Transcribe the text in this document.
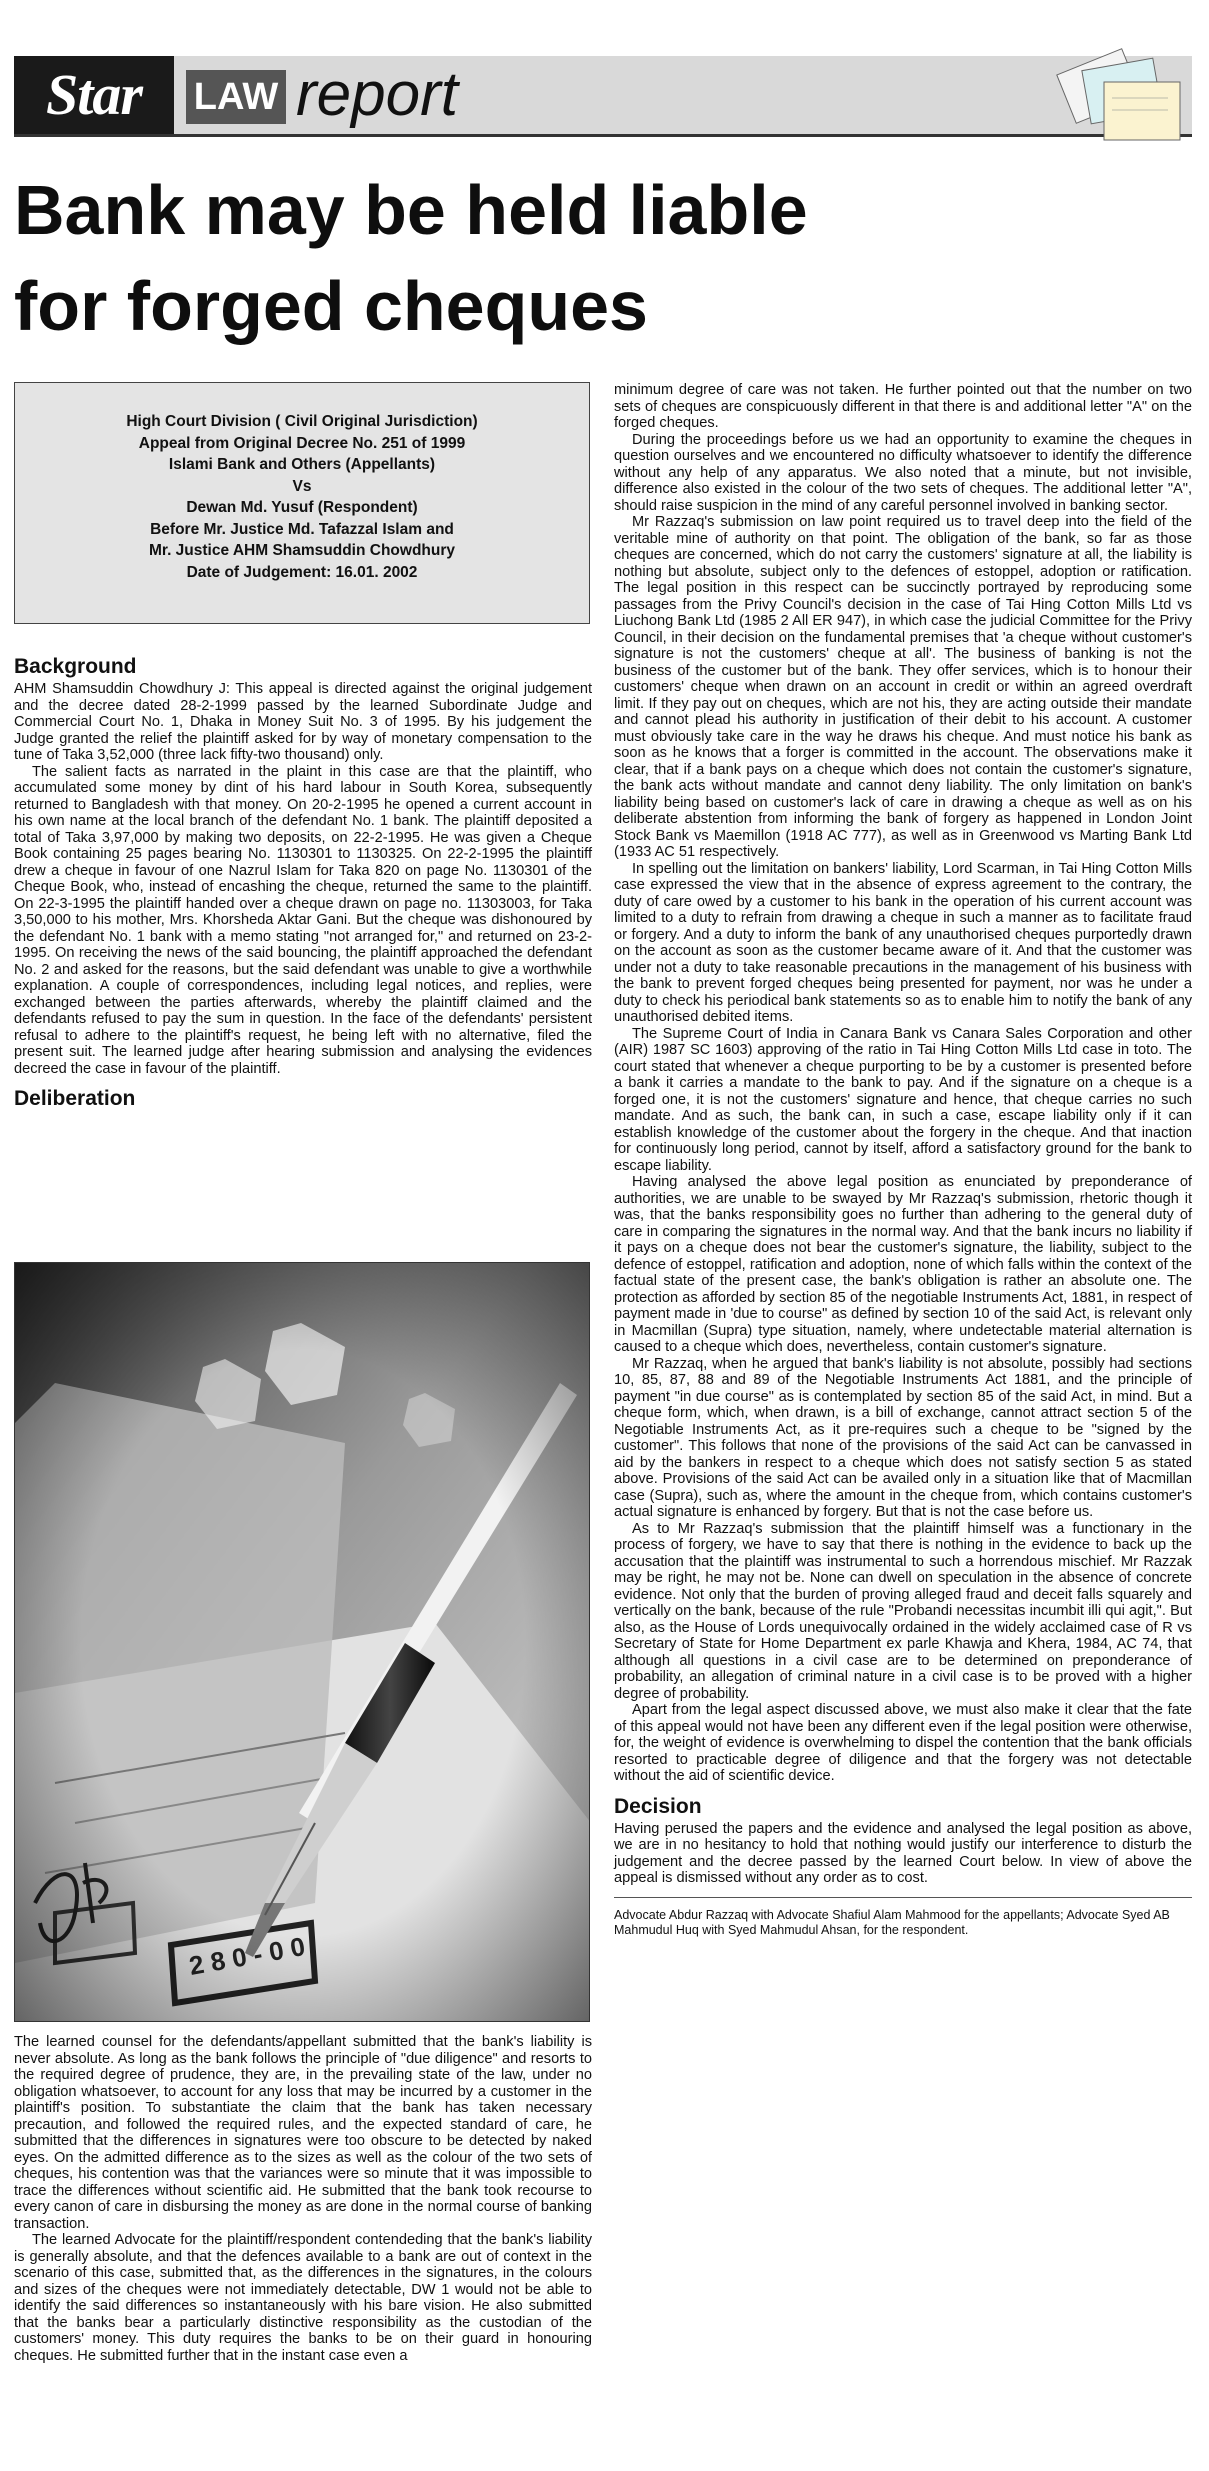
Star	LAW report
Bank may be held liable
for forged cheques
High Court Division ( Civil Original Jurisdiction)
Appeal from Original Decree No. 251 of 1999
Islami Bank and Others (Appellants)
Vs
Dewan Md. Yusuf (Respondent)
Before Mr. Justice Md. Tafazzal Islam and
Mr. Justice AHM Shamsuddin Chowdhury
Date of Judgement: 16.01. 2002
Background

AHM Shamsuddin Chowdhury J: This appeal is directed against the original judgement and the decree dated 28-2-1999 passed by the learned Subordinate Judge and Commercial Court No. 1, Dhaka in Money Suit No. 3 of 1995. By his judgement the Judge granted the relief the plaintiff asked for by way of monetary compensation to the tune of Taka 3,52,000 (three lack fifty-two thousand) only.

The salient facts as narrated in the plaint in this case are that the plaintiff, who accumulated some money by dint of his hard labour in South Korea, subsequently returned to Bangladesh with that money. On 20-2-1995 he opened a current account in his own name at the local branch of the defendant No. 1 bank. The plaintiff deposited a total of Taka 3,97,000 by making two deposits, on 22-2-1995. He was given a Cheque Book containing 25 pages bearing No. 1130301 to 1130325. On 22-2-1995 the plaintiff drew a cheque in favour of one Nazrul Islam for Taka 820 on page No. 1130301 of the Cheque Book, who, instead of encashing the cheque, returned the same to the plaintiff. On 22-3-1995 the plaintiff handed over a cheque drawn on page no. 11303003, for Taka 3,50,000 to his mother, Mrs. Khorsheda Aktar Gani. But the cheque was dishonoured by the defendant No. 1 bank with a memo stating "not arranged for," and returned on 23-2-1995. On receiving the news of the said bouncing, the plaintiff approached the defendant No. 2 and asked for the reasons, but the said defendant was unable to give a worthwhile explanation. A couple of correspondences, including legal notices, and replies, were exchanged between the parties afterwards, whereby the plaintiff claimed and the defendants refused to pay the sum in question. In the face of the defendants' persistent refusal to adhere to the plaintiff's request, he being left with no alternative, filed the present suit. The learned judge after hearing submission and analysing the evidences decreed the case in favour of the plaintiff.

Deliberation

The learned counsel for the defendants/appellant submitted that the bank's liability is never absolute. As long as the bank follows the principle of "due diligence" and resorts to the required degree of prudence, they are, in the prevailing state of the law, under no obligation whatsoever, to account for any loss that may be incurred by a customer in the plaintiff's position. To substantiate the claim that the bank has taken necessary precaution, and followed the required rules, and the expected standard of care, he submitted that the differences in signatures were too obscure to be detected by naked eyes. On the admitted difference as to the sizes as well as the colour of the two sets of cheques, his contention was that the variances were so minute that it was impossible to trace the differences without scientific aid. He submitted that the bank took recourse to every canon of care in disbursing the money as are done in the normal course of banking transaction.

The learned Advocate for the plaintiff/respondent contendeding that the bank's liability is generally absolute, and that the defences available to a bank are out of context in the scenario of this case, submitted that, as the differences in the signatures, in the colours and sizes of the cheques were not immediately detectable, DW 1 would not be able to identify the said differences so instantaneously with his bare vision. He also submitted that the banks bear a particularly distinctive responsibility as the custodian of the customers' money. This duty requires the banks to be on their guard in honouring cheques. He submitted further that in the instant case even a

minimum degree of care was not taken. He further pointed out that the number on two sets of cheques are conspicuously different in that there is and additional letter "A" on the forged cheques.

During the proceedings before us we had an opportunity to examine the cheques in question ourselves and we encountered no difficulty whatsoever to identify the difference without any help of any apparatus. We also noted that a minute, but not invisible, difference also existed in the colour of the two sets of cheques. The additional letter "A", should raise suspicion in the mind of any careful personnel involved in banking sector.

Mr Razzaq's submission on law point required us to travel deep into the field of the veritable mine of authority on that point. The obligation of the bank, so far as those cheques are concerned, which do not carry the customers' signature at all, the liability is nothing but absolute, subject only to the defences of estoppel, adoption or ratification. The legal position in this respect can be succinctly portrayed by reproducing some passages from the Privy Council's decision in the case of Tai Hing Cotton Mills Ltd vs Liuchong Bank Ltd (1985 2 All ER 947), in which case the judicial Committee for the Privy Council, in their decision on the fundamental premises that 'a cheque without customer's signature is not the customers' cheque at all'. The business of banking is not the business of the customer but of the bank. They offer services, which is to honour their customers' cheque when drawn on an account in credit or within an agreed overdraft limit. If they pay out on cheques, which are not his, they are acting outside their mandate and cannot plead his authority in justification of their debit to his account. A customer must obviously take care in the way he draws his cheque. And must notice his bank as soon as he knows that a forger is committed in the account. The observations make it clear, that if a bank pays on a cheque which does not contain the customer's signature, the bank acts without mandate and cannot deny liability. The only limitation on bank's liability being based on customer's lack of care in drawing a cheque as well as on his deliberate abstention from informing the bank of forgery as happened in London Joint Stock Bank vs Maemillon (1918 AC 777), as well as in Greenwood vs Marting Bank Ltd (1933 AC 51 respectively.

In spelling out the limitation on bankers' liability, Lord Scarman, in Tai Hing Cotton Mills case expressed the view that in the absence of express agreement to the contrary, the duty of care owed by a customer to his bank in the operation of his current account was limited to a duty to refrain from drawing a cheque in such a manner as to facilitate fraud or forgery. And a duty to inform the bank of any unauthorised cheques purportedly drawn on the account as soon as the customer became aware of it. And that the customer was under not a duty to take reasonable precautions in the management of his business with the bank to prevent forged cheques being presented for payment, nor was he under a duty to check his periodical bank statements so as to enable him to notify the bank of any unauthorised debited items.

The Supreme Court of India in Canara Bank vs Canara Sales Corporation and other (AIR) 1987 SC 1603) approving of the ratio in Tai Hing Cotton Mills Ltd case in toto. The court stated that whenever a cheque purporting to be by a customer is presented before a bank it carries a mandate to the bank to pay. And if the signature on a cheque is a forged one, it is not the customers' signature and hence, that cheque carries no such mandate. And as such, the bank can, in such a case, escape liability only if it can establish knowledge of the customer about the forgery in the cheque. And that inaction for continuously long period, cannot by itself, afford a satisfactory ground for the bank to escape liability.

Having analysed the above legal position as enunciated by preponderance of authorities, we are unable to be swayed by Mr Razzaq's submission, rhetoric though it was, that the banks responsibility goes no further than adhering to the general duty of care in comparing the signatures in the normal way. And that the bank incurs no liability if it pays on a cheque does not bear the customer's signature, the liability, subject to the defence of estoppel, ratification and adoption, none of which falls within the context of the factual state of the present case, the bank's obligation is rather an absolute one. The protection as afforded by section 85 of the negotiable Instruments Act, 1881, in respect of payment made in 'due to course" as defined by section 10 of the said Act, is relevant only in Macmillan (Supra) type situation, namely, where undetectable material alternation is caused to a cheque which does, nevertheless, contain customer's signature.

Mr Razzaq, when he argued that bank's liability is not absolute, possibly had sections 10, 85, 87, 88 and 89 of the Negotiable Instruments Act 1881, and the principle of payment "in due course" as is contemplated by section 85 of the said Act, in mind. But a cheque form, which, when drawn, is a bill of exchange, cannot attract section 5 of the Negotiable Instruments Act, as it pre-requires such a cheque to be "signed by the customer". This follows that none of the provisions of the said Act can be canvassed in aid by the bankers in respect to a cheque which does not satisfy section 5 as stated above. Provisions of the said Act can be availed only in a situation like that of Macmillan case (Supra), such as, where the amount in the cheque from, which contains customer's actual signature is enhanced by forgery. But that is not the case before us.

As to Mr Razzaq's submission that the plaintiff himself was a functionary in the process of forgery, we have to say that there is nothing in the evidence to back up the accusation that the plaintiff was instrumental to such a horrendous mischief. Mr Razzak may be right, he may not be. None can dwell on speculation in the absence of concrete evidence. Not only that the burden of proving alleged fraud and deceit falls squarely and vertically on the bank, because of the rule "Probandi necessitas incumbit illi qui agit,". But also, as the House of Lords unequivocally ordained in the widely acclaimed case of R vs Secretary of State for Home Department ex parle Khawja and Khera, 1984, AC 74, that although all questions in a civil case are to be determined on preponderance of probability, an allegation of criminal nature in a civil case is to be proved with a higher degree of probability.

Apart from the legal aspect discussed above, we must also make it clear that the fate of this appeal would not have been any different even if the legal position were otherwise, for, the weight of evidence is overwhelming to dispel the contention that the bank officials resorted to practicable degree of diligence and that the forgery was not detectable without the aid of scientific device.

Decision

Having perused the papers and the evidence and analysed the legal position as above, we are in no hesitancy to hold that nothing would justify our interference to disturb the judgement and the decree passed by the learned Court below. In view of above the appeal is dismissed without any order as to cost.

Advocate Abdur Razzaq with Advocate Shafiul Alam Mahmood for the appellants; Advocate Syed AB Mahmudul Huq with Syed Mahmudul Ahsan, for the respondent.
